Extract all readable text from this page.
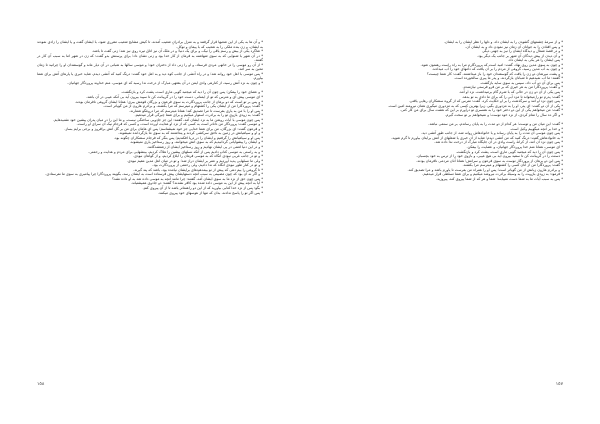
* و آن ها به یکی از این شعبها قرار گرفتند و به منزل برادرانِ شعیب آمدند، تا کیش مشایخ شعیب مقرری شود، با ایشان گفت و یا ایشان را زادی نمودند به ایشان، و زن بنده ملکی را به شعیب که با پیمان و توکل.

* شاگرد یکی از بیش و رسم یاقی را نیک، و برای یک دنیا؛ و در ملک آن نیز اتاق تیره روی نیز شد؛ زنی گفت تا باشد.

* در آن شهر با شنوایی که به سوی شهاشنه به فرمان از کار خدا بود و زنی نشان داد؛ برای پرستش بدو گفت: که زن در شهر اما به سبب آن کار در گفتند.

* از آن رو موسی را در خانهی مردی فرستاد، و او را زنی داد از دختران خود؛ و موسی سالها به شبانی در آن دیار ماند و گوسفندان او را چرانید تا زمان معین به سر آمد.

* پس موسی با اهل خود روانه شد؛ و در راه آتشی از جانب کوه دید و به اهل خود گفت: درنگ کنید که آتشی دیدم، شاید خبری یا پارهای آتش برای شما بیاورم.

* و چون به نزد آتش رسید، از کنارهی وادی ایمن در آن بقعهی مبارک از درخت ندا رسید که ای موسی، منم خداوند پروردگار جهانیان.

* و عصای خود را بیفکن؛ پس چون آن را دید که میجنبد گویی ماری است، پشت کرد و بازنگشت.

* ای موسی پیش آی و مترس که تو از ایمنانی. دست خود را در گریبانت کن تا سپید بیرون آید بی آنکه عیبی در آن باشد.

* و پس بر تو است که دو برهان از جانب پروردگارت به سوی فرعون و بزرگان قومش ببری؛ همانا ایشان گروهی نافرمان بودند.

* گفت: پروردگارا من از ایشان یکی را کشتهام و میترسم که مرا بکشند، و برادرم هارون از من گویاتر است.

* پس او را با من به یاری بفرست تا مرا تصدیق کند؛ همانا میترسم که مرا دروغگو شمارند.

* گفت: به زودی بازوی تو را به برادرت استوار میکنیم و برای شما چیرگی قرار میدهیم.

* پس چون موسی با آیات روشن ما به نزد ایشان آمد، گفتند: این جز جادویی ساختگی نیست، و ما این را در میان پدران پیشین خود نشنیدهایم.

* و موسی گفت: پروردگار من داناتر است به کسی که از نزد او هدایت آورده است، و کسی که فرجام نیک آن سرای او راست.

* و فرعون گفت: ای بزرگان، من برای شما خدایی جز خود نمیشناسم؛ پس ای هامان برای من بر گل آتش برافروز و برجی برایم بساز.

* و او و سپاهیانش در زمین به ناحق سرکشی کردند و پنداشتند که به سوی ما بازگردانده نمیشوند.

* پس او و سپاهیانش را گرفتیم و ایشان را در دریا افکندیم؛ پس بنگر که فرجام ستمکاران چگونه بود.

* و ایشان را پیشوایانی گردانیدیم که به سوی آتش میخوانند، و روز رستاخیز یاری نمیشوند.

* و در این دنیا لعنتی در پی ایشان نهادیم و روز رستاخیز ایشان از زشتشدگانند.

* و به راستی به موسی کتاب دادیم پس از آنکه نسلهای پیشین را هلاک کردیم، بینشهایی برای مردم و هدایت و رحمتی.

* و تو در جانب غربی نبودی آنگاه که به موسی فرمان را ابلاغ کردیم، و از گواهان نبودی.

* ولی ما نسلهایی پدید آوردیم و عمر بر ایشان دراز شد؛ و تو در میان اهل مدین مقیم نبودی.

* و تو در کنار طور نبودی آنگاه که ندا دادیم، ولی رحمتی از پروردگارت بود.

* تا گروهی را بیم دهی که پیش از تو بیمدهندهای برایشان نیامده بود، باشد که پند گیرند.

* و اگر نه آن بود که چون مصیبتی به سبب آنچه دستهایشان پیش فرستاده است به ایشان رسد، بگویند پروردگارا چرا پیامبری به سوی ما نفرستادی.

* پس چون حق از نزد ما به سوی ایشان آمد، گفتند: چرا مانند آنچه به موسی داده شد به او داده نشد؟

* آیا به آنچه پیش از این به موسی داده شده بود کافر نشدند؟ گفتند: دو جادوی همپشتیاند.

* بگو: پس از نزد خدا کتابی بیاورید که از این دو راهنماتر باشد تا از آن پیروی کنم.

* پس اگر تو را پاسخ ندادند، بدان که تنها از هوسهای خود پیروی میکنند.

١٥٨

* و از سرمهٔ چشمهای گشودن را به ایشان داد، و دلها را نظر ایشان را به ایشان.

* و پس افتادن را به جوانان آن زمان نیز نمودن داد و به ایشان آن.

* و در قصهٔ شمال و دیدگاه ایشان را نیز به جهتی دیگر.

* و آن دیدن از پیش دیدگان آن شهر بر جانب یک دیگر بود.

* پس ایشان را هر یکی به ایشان داد.

* و چون به سوی مدین روی نهاد، گفت: امید است که پروردگارم مرا به راه راست رهنمون شود.

* و چون به آب مدین رسید، گروهی از مردم را بر آن یافت که دامهای خود را آب میدادند.

* و پشت سرشان دو زن را یافت که گوسفندان خود را باز میداشتند. گفت: کار شما چیست؟

* گفتند: ما آب نمیدهیم تا شبانان بازگردند، و پدر ما پیری سالخورده است.

* پس برای آن دو آب داد، سپس به سوی سایه بازگشت.

* و گفت: پروردگارا من به هر خیری که بر من فرو فرستی نیازمندم.

* پس یکی از آن دو زن در حالی که با شرم گام برمیداشت، نزد او آمد.

* گفت: پدرم تو را میخواند تا مزد آبی را که برای ما دادی به تو بدهد.

* پس چون نزد او آمد و سرگذشت را بر او حکایت کرد، گفت: مترس که از گروه ستمکاران رهایی یافتی.

* یکی از آن دو گفت: ای پدر، او را به مزدوری بگیر، زیرا بهترین کسی که به مزدوری میگیری همان نیرومند امین است.

* گفت: من میخواهم یکی از این دو دختر خود را به همسری تو درآورم بر این که هشت سال برای من کار کنی.

* و اگر ده سال را تمام کردی، از نزد خود توست؛ و نمیخواهم بر تو سخت گیرم.

* گفت: این میان من و توست؛ هر کدام از دو مدت را به پایان رساندم، بر من ستمی نباشد.

* و خدا بر آنچه میگوییم وکیل است.

* پس چون موسی آن مدت را به پایان رساند و با خانوادهاش روانه شد، از جانب طور آتشی دید.

* به خانوادهاش گفت: درنگ کنید که من آتشی دیدم؛ شاید از آن خبری یا شعلهای از آتش برایتان بیاورم تا گرم شوید.

* پس چون نزد آن آمد، از کرانهٔ راست وادی در آن جایگاه مبارک از درخت ندا داده شد.

* ای موسی، همانا منم خدا پروردگار جهانیان، و عصایت را بیفکن.

* پس چون آن را دید که میجنبد گویی ماری است، پشت کرد و بازنگشت.

* دستت را در گریبانت کن تا سفید بیرون آید بی هیچ عیبی، و بازوی خود را از ترس به خود بچسبان.

* پس این دو برهان از پروردگار توست به سوی فرعون و سرانش؛ همانا آنان مردمی نافرمان بودند.

* گفت: پروردگارا من از آنان کسی را کشتهام و میترسم مرا بکشند.

* و برادرم هارون زبانش از من گویاتر است؛ پس او را همراه من بفرست تا یاورم باشد و مرا تصدیق کند.

* فرمود: به زودی بازویت را به وسیلهٔ برادرت نیرومند میکنیم و برای شما تسلطی قرار میدهیم.

* پس به سبب آیات ما به شما دست نمییابند؛ شما و هر که از شما پیروی کند، پیروزید.

١٥٧
